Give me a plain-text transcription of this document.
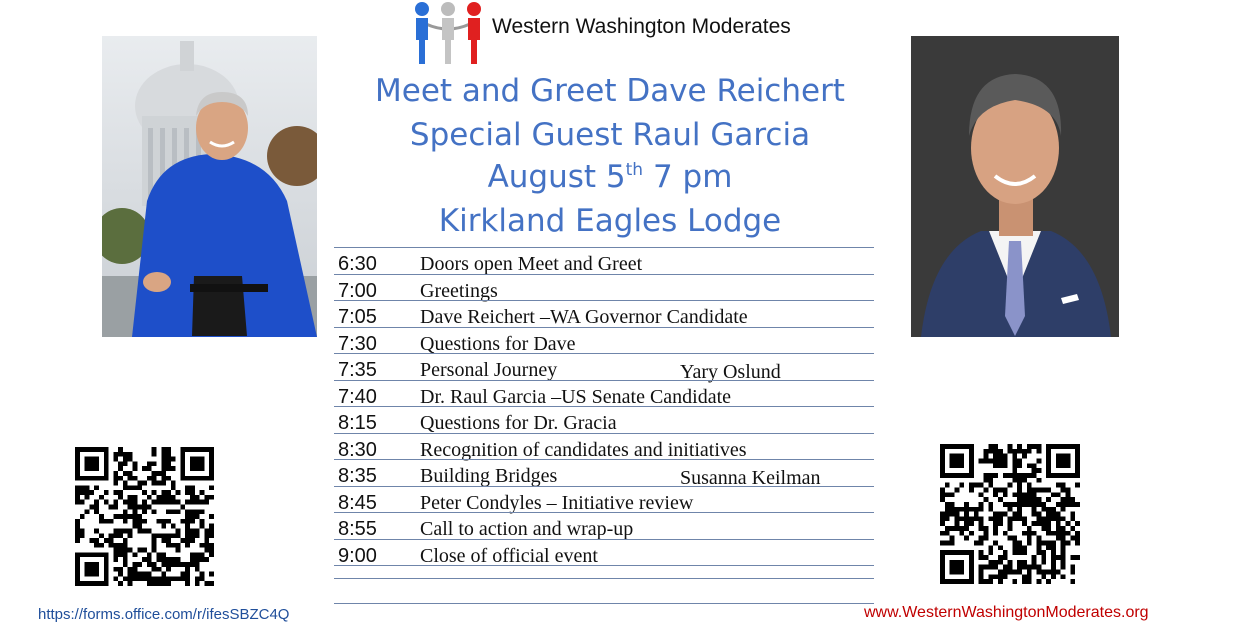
Western Washington Moderates
Meet and Greet Dave Reichert
Special Guest Raul Garcia
August 5th 7 pm
Kirkland Eagles Lodge
6:30 Doors open Meet and Greet
7:00 Greetings
7:05 Dave Reichert –WA Governor Candidate
7:30 Questions for Dave
7:35 Personal Journey	Yary Oslund
7:40 Dr. Raul Garcia –US Senate Candidate
8:15 Questions for Dr. Gracia
8:30 Recognition of candidates and initiatives
8:35 Building Bridges	Susanna Keilman
8:45 Peter Condyles – Initiative review
8:55 Call to action and wrap-up
9:00 Close of official event
https://forms.office.com/r/ifesSBZC4Q	www.WesternWashingtonModerates.org
